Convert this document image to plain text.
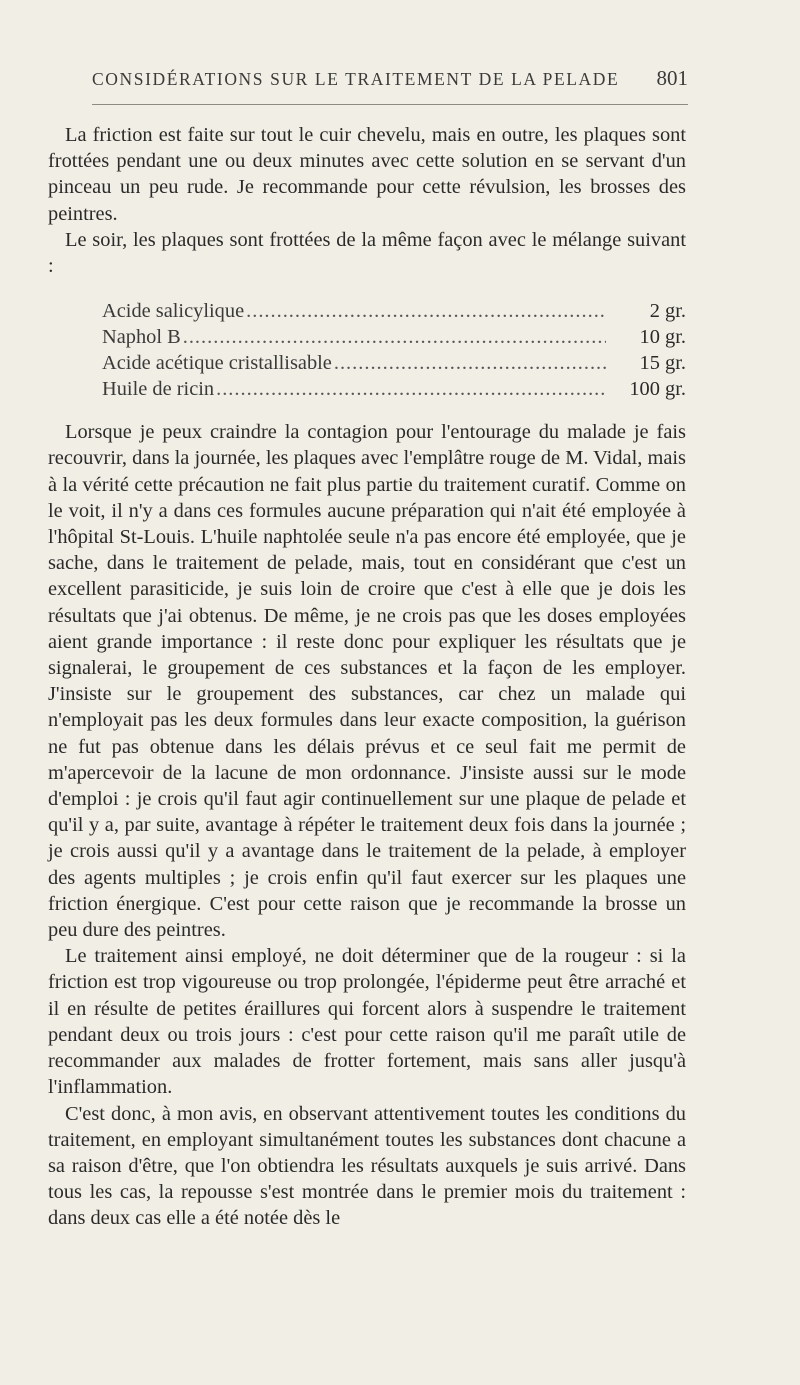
CONSIDÉRATIONS SUR LE TRAITEMENT DE LA PELADE 801

La friction est faite sur tout le cuir chevelu, mais en outre, les plaques sont frottées pendant une ou deux minutes avec cette solution en se servant d'un pinceau un peu rude. Je recommande pour cette révulsion, les brosses des peintres.

Le soir, les plaques sont frottées de la même façon avec le mélange suivant :

Acide salicylique .....	2 gr.
Naphol B .....	10 gr.
Acide acétique cristallisable .....	15 gr.
Huile de ricin .....	100 gr.

Lorsque je peux craindre la contagion pour l'entourage du malade je fais recouvrir, dans la journée, les plaques avec l'emplâtre rouge de M. Vidal, mais à la vérité cette précaution ne fait plus partie du traitement curatif. Comme on le voit, il n'y a dans ces formules aucune préparation qui n'ait été employée à l'hôpital St-Louis. L'huile naphtolée seule n'a pas encore été employée, que je sache, dans le traitement de pelade, mais, tout en considérant que c'est un excellent parasiticide, je suis loin de croire que c'est à elle que je dois les résultats que j'ai obtenus. De même, je ne crois pas que les doses employées aient grande importance : il reste donc pour expliquer les résultats que je signalerai, le groupement de ces substances et la façon de les employer. J'insiste sur le groupement des substances, car chez un malade qui n'employait pas les deux formules dans leur exacte composition, la guérison ne fut pas obtenue dans les délais prévus et ce seul fait me permit de m'apercevoir de la lacune de mon ordonnance. J'insiste aussi sur le mode d'emploi : je crois qu'il faut agir continuellement sur une plaque de pelade et qu'il y a, par suite, avantage à répéter le traitement deux fois dans la journée ; je crois aussi qu'il y a avantage dans le traitement de la pelade, à employer des agents multiples ; je crois enfin qu'il faut exercer sur les plaques une friction énergique. C'est pour cette raison que je recommande la brosse un peu dure des peintres.

Le traitement ainsi employé, ne doit déterminer que de la rougeur : si la friction est trop vigoureuse ou trop prolongée, l'épiderme peut être arraché et il en résulte de petites éraillures qui forcent alors à suspendre le traitement pendant deux ou trois jours : c'est pour cette raison qu'il me paraît utile de recommander aux malades de frotter fortement, mais sans aller jusqu'à l'inflammation.

C'est donc, à mon avis, en observant attentivement toutes les conditions du traitement, en employant simultanément toutes les substances dont chacune a sa raison d'être, que l'on obtiendra les résultats auxquels je suis arrivé. Dans tous les cas, la repousse s'est montrée dans le premier mois du traitement : dans deux cas elle a été notée dès le
